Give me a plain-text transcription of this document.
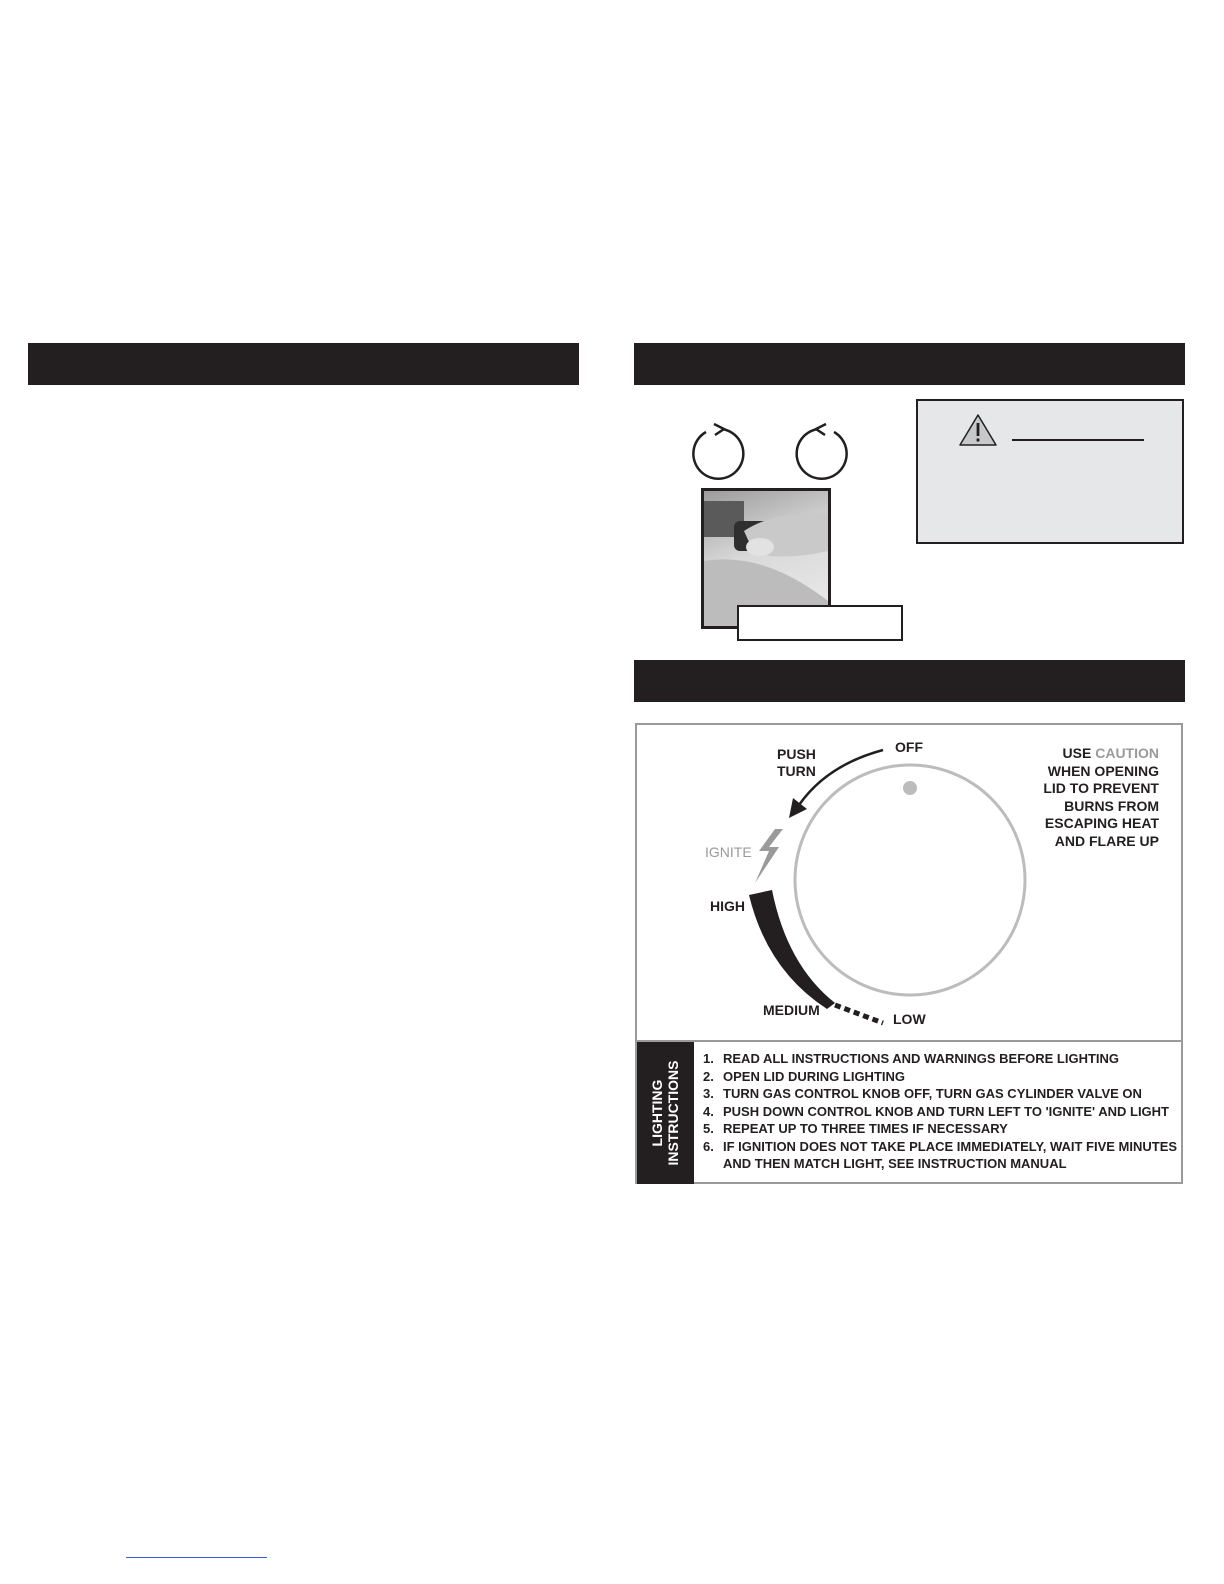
PUSH
TURN
OFF
IGNITE
HIGH
MEDIUM
LOW
USE CAUTION
WHEN OPENING
LID TO PREVENT
BURNS FROM
ESCAPING HEAT
AND FLARE UP
LIGHTING
INSTRUCTIONS
1. READ ALL INSTRUCTIONS AND WARNINGS BEFORE LIGHTING
2. OPEN LID DURING LIGHTING
3. TURN GAS CONTROL KNOB OFF, TURN GAS CYLINDER VALVE ON
4. PUSH DOWN CONTROL KNOB AND TURN LEFT TO 'IGNITE' AND LIGHT
5. REPEAT UP TO THREE TIMES IF NECESSARY
6. IF IGNITION DOES NOT TAKE PLACE IMMEDIATELY, WAIT FIVE MINUTES
AND THEN MATCH LIGHT, SEE INSTRUCTION MANUAL
